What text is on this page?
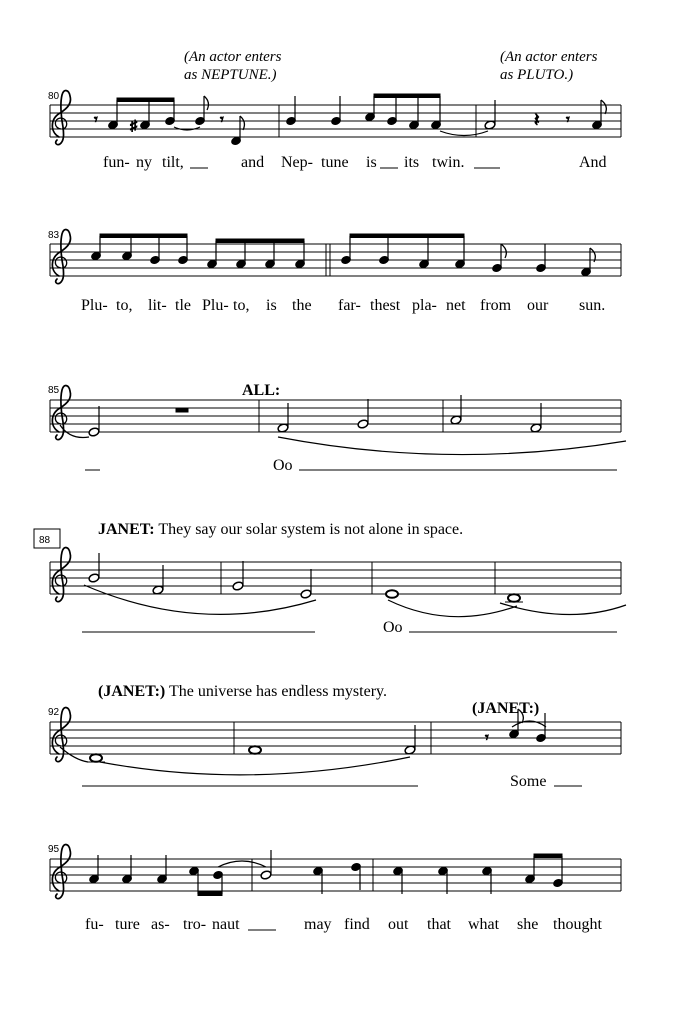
(An actor enters
as NEPTUNE.)
(An actor enters
as PLUTO.)
80
𝄾 ♯	𝄾	𝄽 𝄾
fun- ny tilt,	and Nep- tune is its twin.	And
83
Plu- to, lit- tle Plu- to, is the far- thest pla- net from our sun.
85	ALL:
Oo
88
JANET: They say our solar system is not alone in space.
Oo
(JANET:) The universe has endless mystery.
92	(JANET:)
𝄾
Some
95
fu- ture as- tro- naut	may find out that what she thought
